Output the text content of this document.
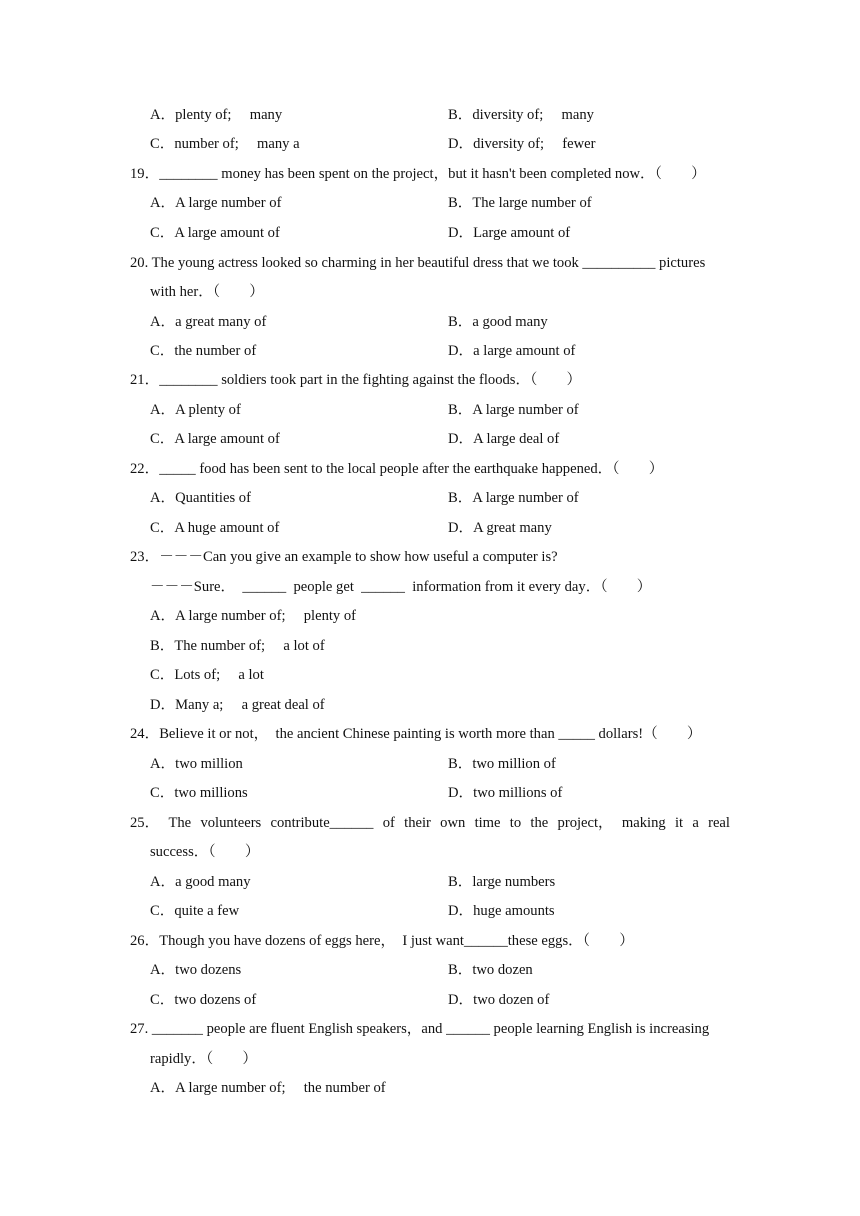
A．plenty of;　 many	B．diversity of;　 many
C．number of;　 many a	D．diversity of;　 fewer
19．________ money has been spent on the project，but it hasn't been completed now．（　　）
A．A large number of	B．The large number of
C．A large amount of	D．Large amount of
20. The young actress looked so charming in her beautiful dress that we took __________ pictures
with her．（　　）
A．a great many of	B．a good many
C．the number of	D．a large amount of
21．________ soldiers took part in the fighting against the floods．（　　）
A．A plenty of	B．A large number of
C．A large amount of	D．A large deal of
22．_____ food has been sent to the local people after the earthquake happened．（　　）
A．Quantities of	B．A large number of
C．A huge amount of	D．A great many
23．－－－Can you give an example to show how useful a computer is?
－－－Sure．　______  people get  ______  information from it every day．（　　）
A．A large number of;　 plenty of
B．The number of;　 a lot of
C．Lots of;　 a lot
D．Many a;　 a great deal of
24．Believe it or not，  the ancient Chinese painting is worth more than _____ dollars!（　　）
A．two million	B．two million of
C．two millions	D．two millions of
25． The volunteers contribute______ of their own time to the project， making it a real
success．（　　）
A．a good many	B．large numbers
C．quite a few	D．huge amounts
26．Though you have dozens of eggs here，  I just want______these eggs．（　　）
A．two dozens	B．two dozen
C．two dozens of	D．two dozen of
27. _______ people are fluent English speakers，and ______ people learning English is increasing
rapidly．（　　）
A．A large number of;　 the number of
